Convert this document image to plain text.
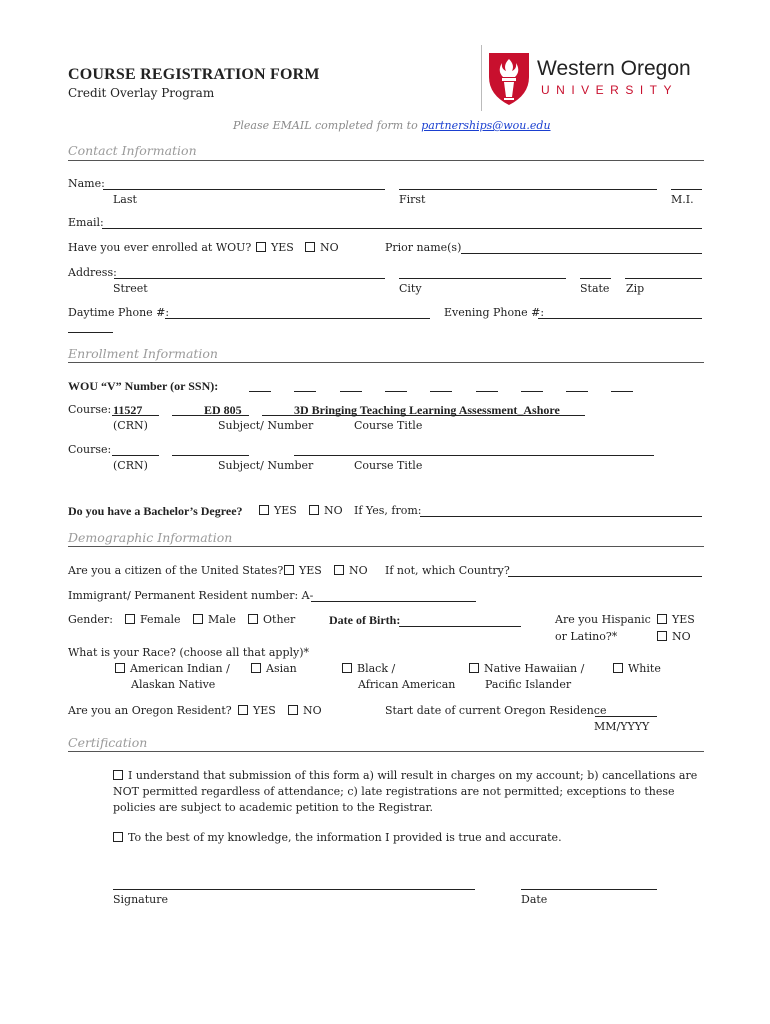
COURSE REGISTRATION FORM
Credit Overlay Program
Western Oregon
UNIVERSITY
Please EMAIL completed form to partnerships@wou.edu
Contact Information
Name:
Last	First	M.I.
Email:
Have you ever enrolled at WOU?	YES	NO	Prior name(s)
Address:
Street	City	State Zip
Daytime Phone #:	Evening Phone #:
Enrollment Information
WOU “V” Number (or SSN):
Course: 11527	ED 805	3D Bringing Teaching Learning Assessment_Ashore
(CRN)	Subject/ Number	Course Title
Course:
(CRN)	Subject/ Number	Course Title
Do you have a Bachelor’s Degree?	YES	NO If Yes, from:
Demographic Information
Are you a citizen of the United States?	YES	NO If not, which Country?
Immigrant/ Permanent Resident number: A-
Gender:	Female	Male	Other	Date of Birth:	Are you Hispanic
or Latino?*
YES
NO
What is your Race? (choose all that apply)*
American Indian /
Alaskan Native
Asian	Black /
African American
Native Hawaiian /
Pacific Islander
White
Are you an Oregon Resident?	YES	NO	Start date of current Oregon Residence
MM/YYYY
Certification
I understand that submission of this form a) will result in charges on my account; b) cancellations are NOT permitted regardless of attendance; c) late registrations are not permitted; exceptions to these policies are subject to academic petition to the Registrar.
To the best of my knowledge, the information I provided is true and accurate.
Signature	Date
